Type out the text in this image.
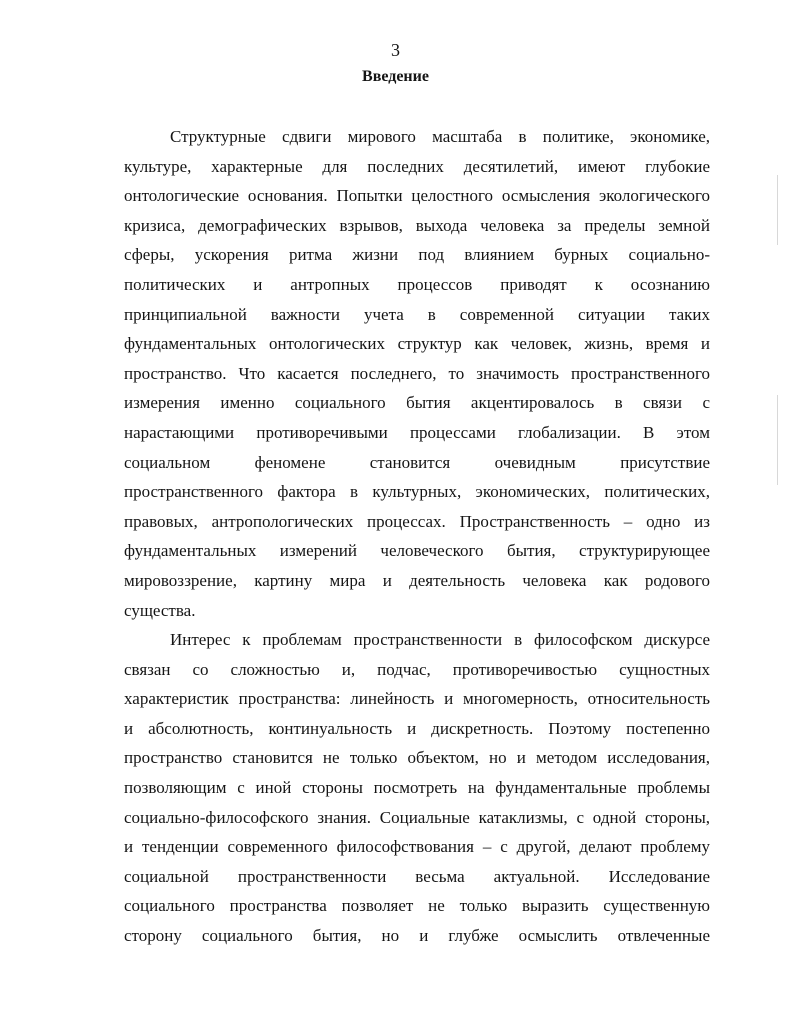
3
Введение
Структурные сдвиги мирового масштаба в политике, экономике,
культуре, характерные для последних десятилетий, имеют глубокие
онтологические основания. Попытки целостного осмысления экологического
кризиса, демографических взрывов, выхода человека за пределы земной
сферы, ускорения ритма жизни под влиянием бурных социально-
политических и антропных процессов приводят к осознанию
принципиальной важности учета в современной ситуации таких
фундаментальных онтологических структур как человек, жизнь, время и
пространство. Что касается последнего, то значимость пространственного
измерения именно социального бытия акцентировалось в связи с
нарастающими противоречивыми процессами глобализации. В этом
социальном феномене становится очевидным присутствие
пространственного фактора в культурных, экономических, политических,
правовых, антропологических процессах. Пространственность – одно из
фундаментальных измерений человеческого бытия, структурирующее
мировоззрение, картину мира и деятельность человека как родового
существа.
Интерес к проблемам пространственности в философском дискурсе
связан со сложностью и, подчас, противоречивостью сущностных
характеристик пространства: линейность и многомерность, относительность
и абсолютность, континуальность и дискретность. Поэтому постепенно
пространство становится не только объектом, но и методом исследования,
позволяющим с иной стороны посмотреть на фундаментальные проблемы
социально-философского знания. Социальные катаклизмы, с одной стороны,
и тенденции современного философствования – с другой, делают проблему
социальной пространственности весьма актуальной. Исследование
социального пространства позволяет не только выразить существенную
сторону социального бытия, но и глубже осмыслить отвлеченные
